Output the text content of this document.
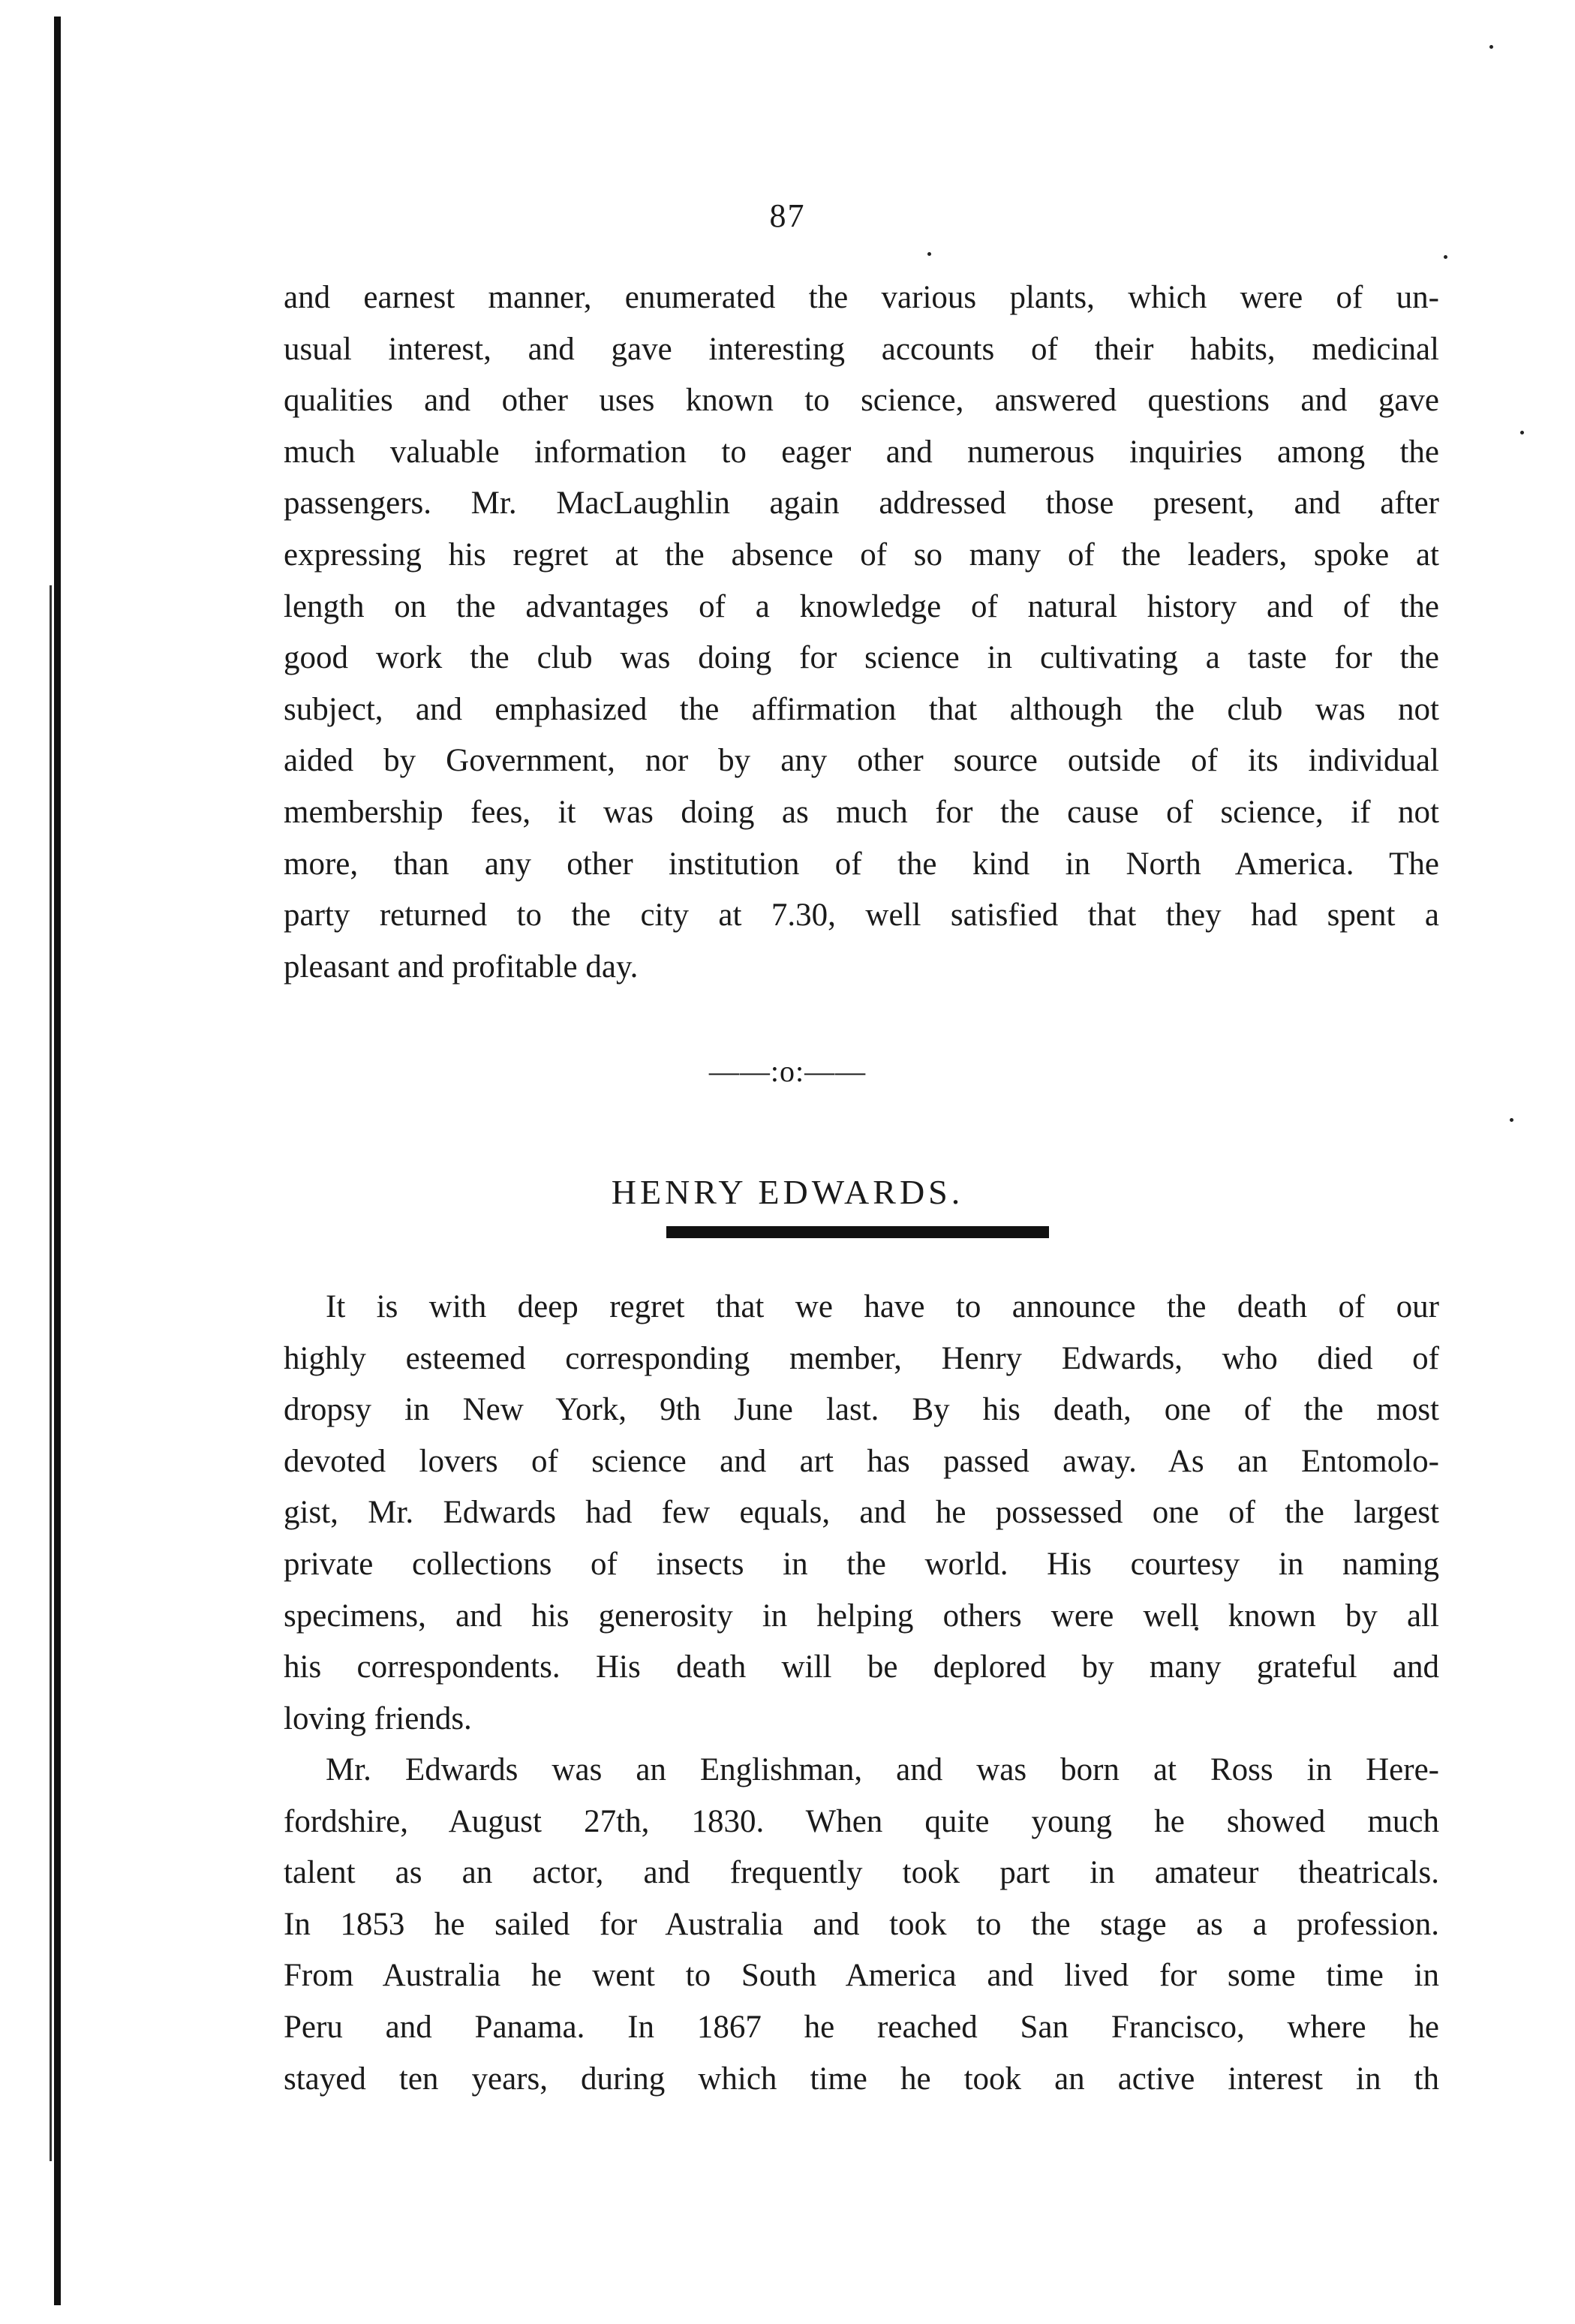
87
and earnest manner, enumerated the various plants, which were of un-
usual interest, and gave interesting accounts of their habits, medicinal
qualities and other uses known to science, answered questions and gave
much valuable information to eager and numerous inquiries among the
passengers. Mr. MacLaughlin again addressed those present, and after
expressing his regret at the absence of so many of the leaders, spoke at
length on the advantages of a knowledge of natural history and of the
good work the club was doing for science in cultivating a taste for the
subject, and emphasized the affirmation that although the club was not
aided by Government, nor by any other source outside of its individual
membership fees, it was doing as much for the cause of science, if not
more, than any other institution of the kind in North America. The
party returned to the city at 7.30, well satisfied that they had spent a
pleasant and profitable day.
——:o:——
HENRY EDWARDS.
It is with deep regret that we have to announce the death of our
highly esteemed corresponding member, Henry Edwards, who died of
dropsy in New York, 9th June last. By his death, one of the most
devoted lovers of science and art has passed away. As an Entomolo-
gist, Mr. Edwards had few equals, and he possessed one of the largest
private collections of insects in the world. His courtesy in naming
specimens, and his generosity in helping others were well known by all
his correspondents. His death will be deplored by many grateful and
loving friends.
Mr. Edwards was an Englishman, and was born at Ross in Here-
fordshire, August 27th, 1830. When quite young he showed much
talent as an actor, and frequently took part in amateur theatricals.
In 1853 he sailed for Australia and took to the stage as a profession.
From Australia he went to South America and lived for some time in
Peru and Panama. In 1867 he reached San Francisco, where he
stayed ten years, during which time he took an active interest in th
